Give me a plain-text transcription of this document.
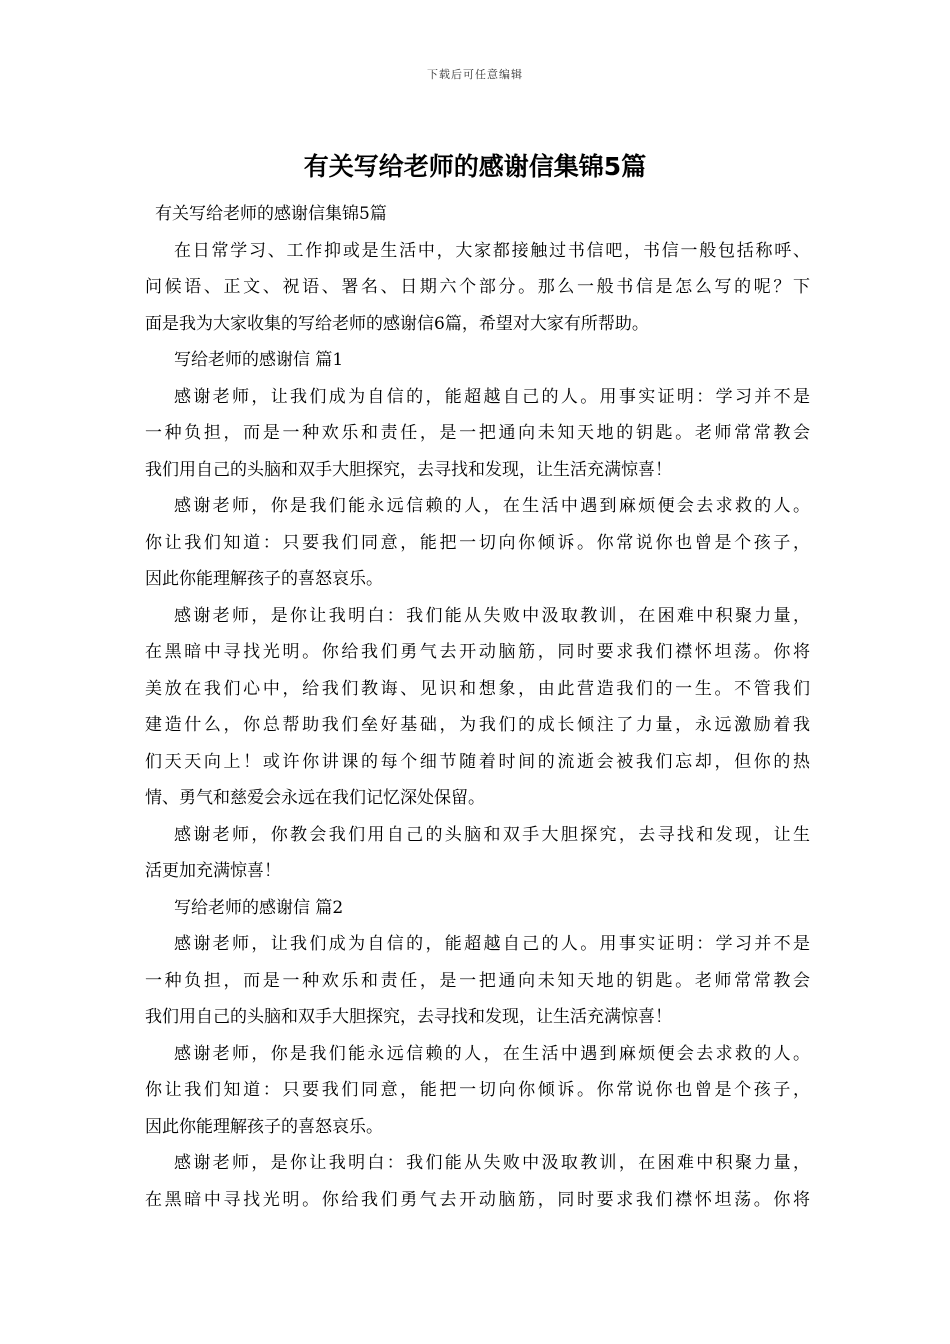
下载后可任意编辑
有关写给老师的感谢信集锦5篇
有关写给老师的感谢信集锦5篇
在日常学习、工作抑或是生活中，大家都接触过书信吧，书信一般包括称呼、
问候语、正文、祝语、署名、日期六个部分。那么一般书信是怎么写的呢？下
面是我为大家收集的写给老师的感谢信6篇，希望对大家有所帮助。
写给老师的感谢信 篇1
感谢老师，让我们成为自信的，能超越自己的人。用事实证明：学习并不是
一种负担，而是一种欢乐和责任，是一把通向未知天地的钥匙。老师常常教会
我们用自己的头脑和双手大胆探究，去寻找和发现，让生活充满惊喜！
感谢老师，你是我们能永远信赖的人，在生活中遇到麻烦便会去求救的人。
你让我们知道：只要我们同意，能把一切向你倾诉。你常说你也曾是个孩子，
因此你能理解孩子的喜怒哀乐。
感谢老师，是你让我明白：我们能从失败中汲取教训，在困难中积聚力量，
在黑暗中寻找光明。你给我们勇气去开动脑筋，同时要求我们襟怀坦荡。你将
美放在我们心中，给我们教诲、见识和想象，由此营造我们的一生。不管我们
建造什么，你总帮助我们垒好基础，为我们的成长倾注了力量，永远激励着我
们天天向上！或许你讲课的每个细节随着时间的流逝会被我们忘却，但你的热
情、勇气和慈爱会永远在我们记忆深处保留。
感谢老师，你教会我们用自己的头脑和双手大胆探究，去寻找和发现，让生
活更加充满惊喜！
写给老师的感谢信 篇2
感谢老师，让我们成为自信的，能超越自己的人。用事实证明：学习并不是
一种负担，而是一种欢乐和责任，是一把通向未知天地的钥匙。老师常常教会
我们用自己的头脑和双手大胆探究，去寻找和发现，让生活充满惊喜！
感谢老师，你是我们能永远信赖的人，在生活中遇到麻烦便会去求救的人。
你让我们知道：只要我们同意，能把一切向你倾诉。你常说你也曾是个孩子，
因此你能理解孩子的喜怒哀乐。
感谢老师，是你让我明白：我们能从失败中汲取教训，在困难中积聚力量，
在黑暗中寻找光明。你给我们勇气去开动脑筋，同时要求我们襟怀坦荡。你将
